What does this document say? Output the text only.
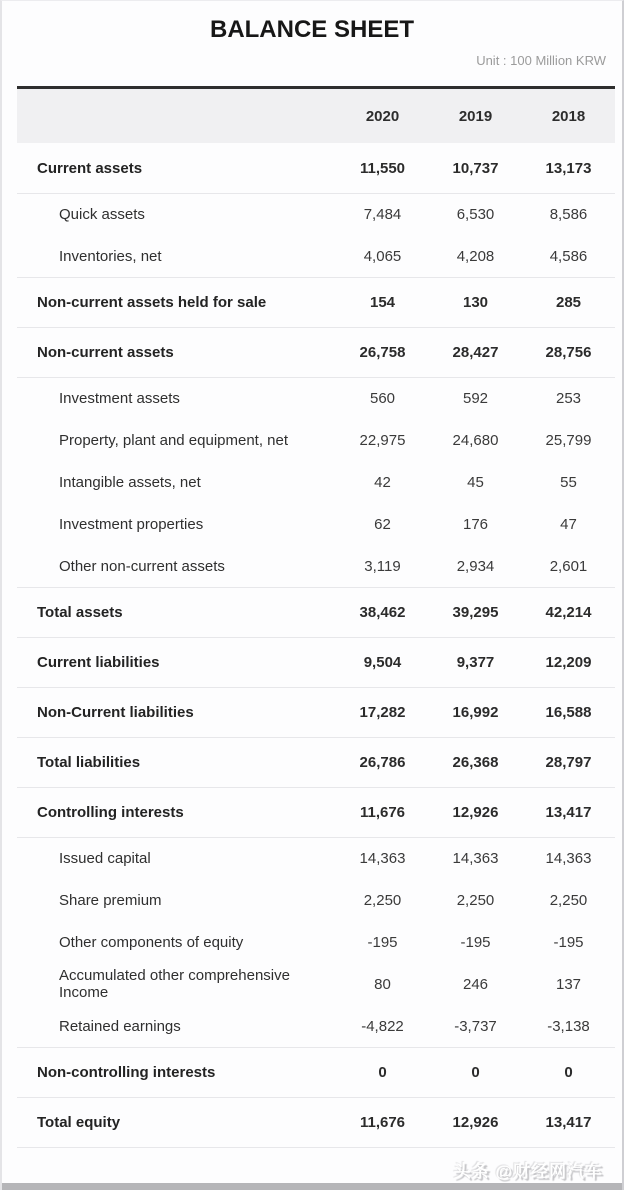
BALANCE SHEET
Unit : 100 Million KRW
2020	2019	2018
Current assets	11,550	10,737	13,173
Quick assets	7,484	6,530	8,586
Inventories, net	4,065	4,208	4,586
Non-current assets held for sale	154	130	285
Non-current assets	26,758	28,427	28,756
Investment assets	560	592	253
Property, plant and equipment, net	22,975	24,680	25,799
Intangible assets, net	42	45	55
Investment properties	62	176	47
Other non-current assets	3,119	2,934	2,601
Total assets	38,462	39,295	42,214
Current liabilities	9,504	9,377	12,209
Non-Current liabilities	17,282	16,992	16,588
Total liabilities	26,786	26,368	28,797
Controlling interests	11,676	12,926	13,417
Issued capital	14,363	14,363	14,363
Share premium	2,250	2,250	2,250
Other components of equity	-195	-195	-195
Accumulated other comprehensive Income	80	246	137
Retained earnings	-4,822	-3,737	-3,138
Non-controlling interests	0	0	0
Total equity	11,676	12,926	13,417
头条 @财经网汽车
